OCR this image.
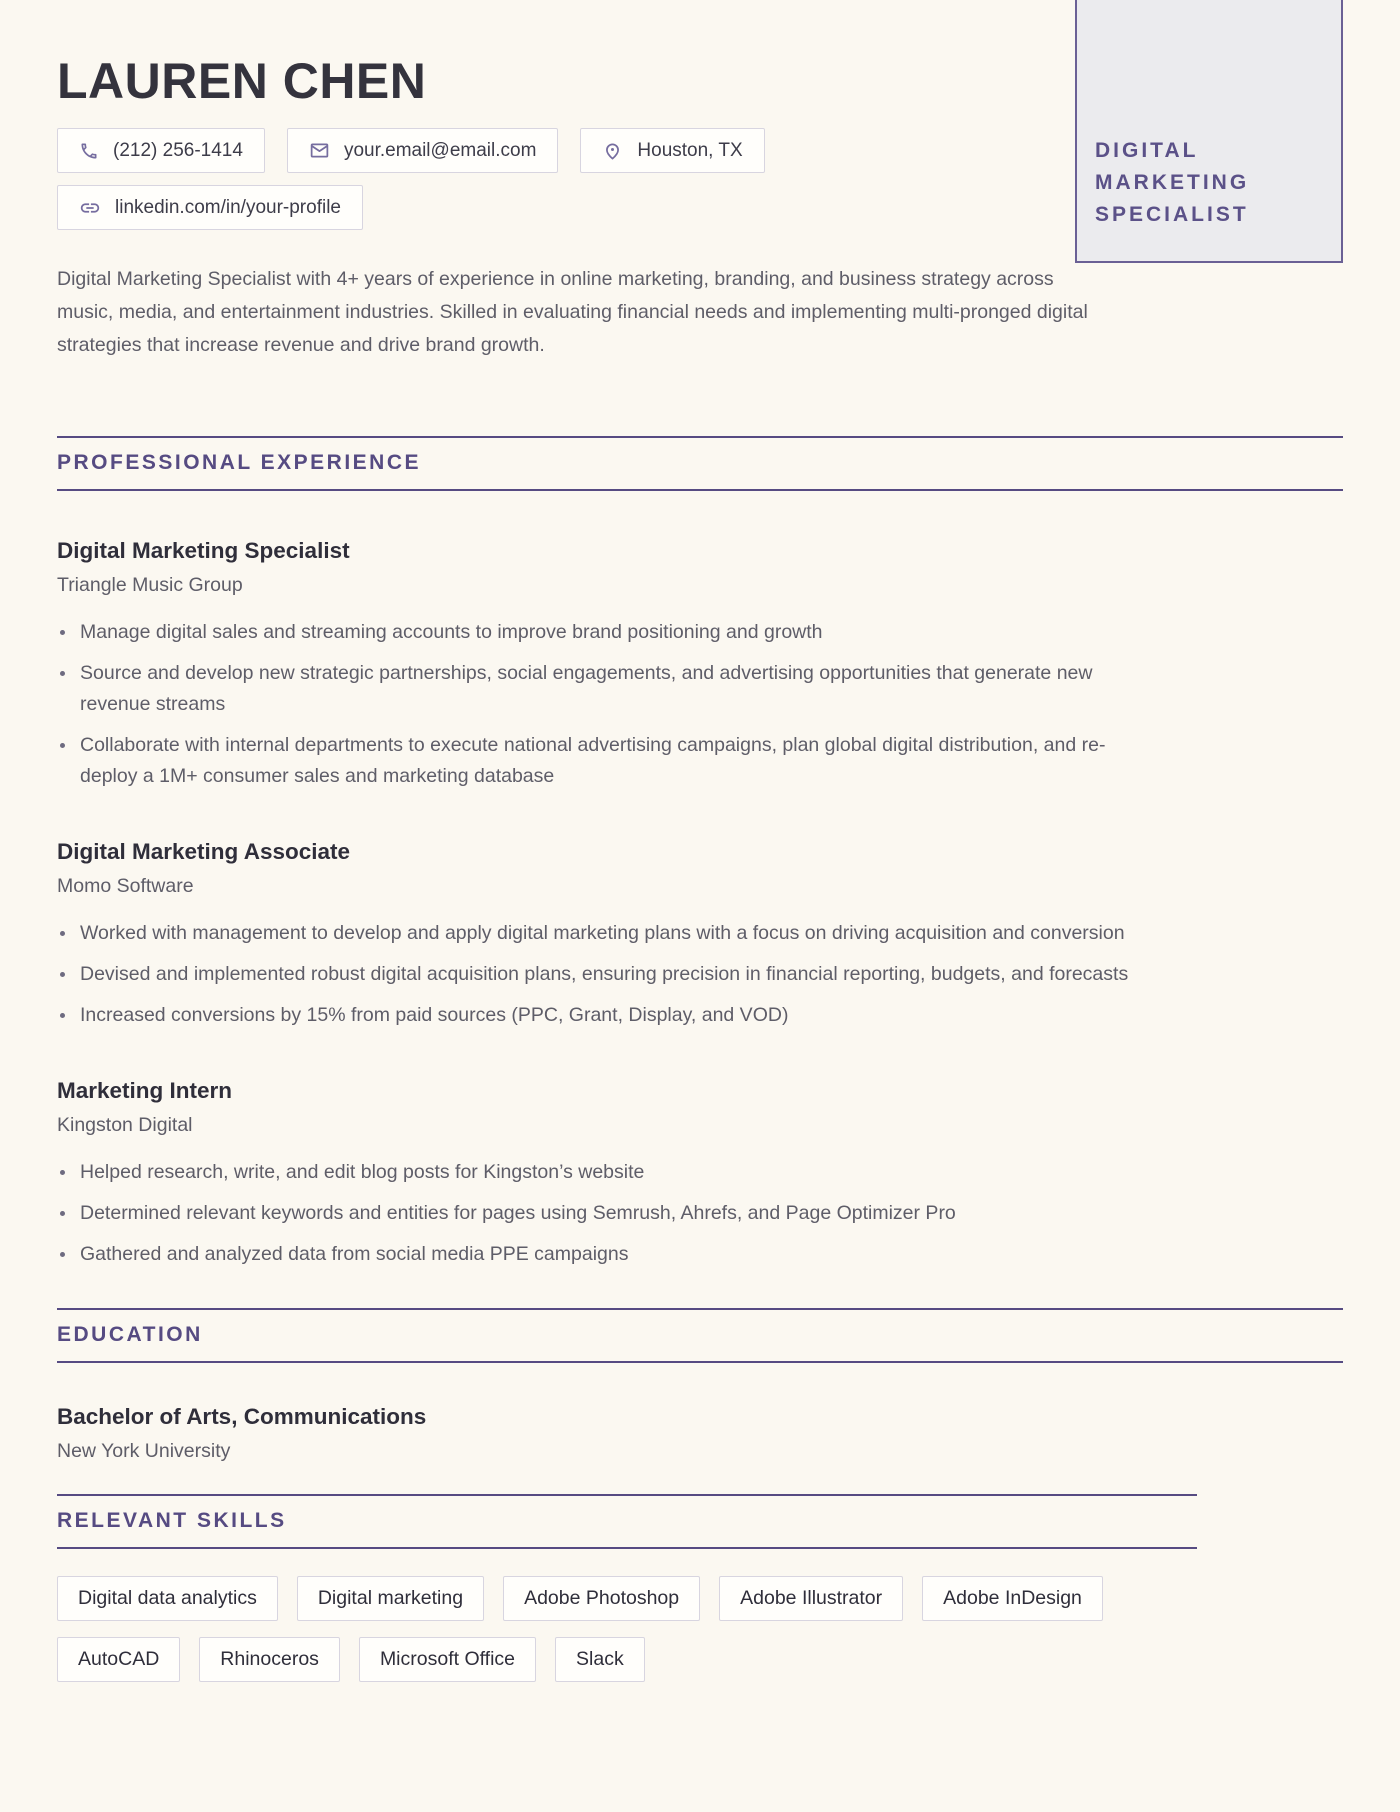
DIGITAL MARKETING SPECIALIST
LAUREN CHEN
(212) 256-1414	your.email@email.com	Houston, TX
linkedin.com/in/your-profile

Digital Marketing Specialist with 4+ years of experience in online marketing, branding, and business strategy across music, media, and entertainment industries. Skilled in evaluating financial needs and implementing multi-pronged digital strategies that increase revenue and drive brand growth.

PROFESSIONAL EXPERIENCE
Digital Marketing Specialist
Triangle Music Group
Manage digital sales and streaming accounts to improve brand positioning and growth
Source and develop new strategic partnerships, social engagements, and advertising opportunities that generate new revenue streams
Collaborate with internal departments to execute national advertising campaigns, plan global digital distribution, and re-deploy a 1M+ consumer sales and marketing database
Digital Marketing Associate
Momo Software
Worked with management to develop and apply digital marketing plans with a focus on driving acquisition and conversion
Devised and implemented robust digital acquisition plans, ensuring precision in financial reporting, budgets, and forecasts
Increased conversions by 15% from paid sources (PPC, Grant, Display, and VOD)
Marketing Intern
Kingston Digital
Helped research, write, and edit blog posts for Kingston’s website
Determined relevant keywords and entities for pages using Semrush, Ahrefs, and Page Optimizer Pro
Gathered and analyzed data from social media PPE campaigns
EDUCATION
Bachelor of Arts, Communications
New York University
RELEVANT SKILLS
Digital data analytics	Digital marketing	Adobe Photoshop	Adobe Illustrator	Adobe InDesign
AutoCAD	Rhinoceros	Microsoft Office	Slack
